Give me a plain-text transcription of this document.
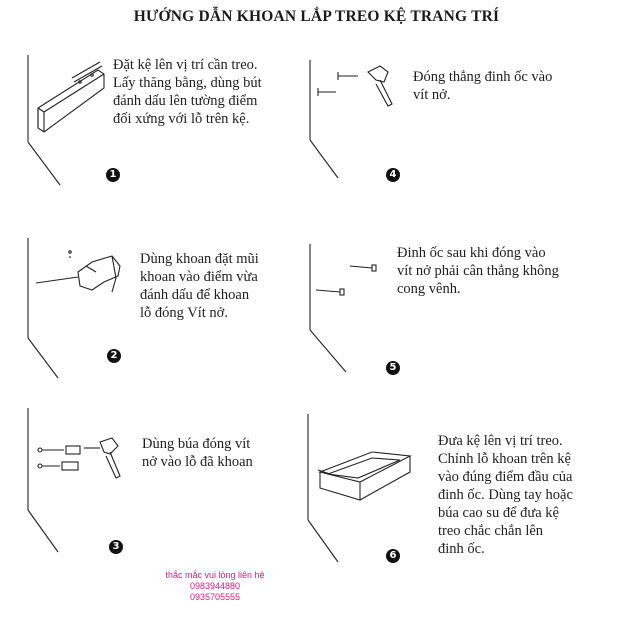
HƯỚNG DẪN KHOAN LẮP TREO KỆ TRANG TRÍ
Đặt kệ lên vị trí cần treo.
Lấy thăng bằng, dùng bút
đánh dấu lên tường điểm
đối xứng với lỗ trên kệ.
1
Dùng khoan đặt mũi
khoan vào điểm vừa
đánh dấu để khoan
lỗ đóng Vít nở.
2
Dùng búa đóng vít
nở vào lỗ đã khoan
3
Đóng thẳng đinh ốc vào
vít nở.
4
Đinh ốc sau khi đóng vào
vít nở phải cân thẳng không
cong vênh.
5
Đưa kệ lên vị trí treo.
Chỉnh lỗ khoan trên kệ
vào đúng điểm đầu của
đinh ốc. Dùng tay hoặc
búa cao su để đưa kệ
treo chắc chắn lên
đinh ốc.
6
thắc mắc vui lòng liên hệ
0983944880
0935705555
